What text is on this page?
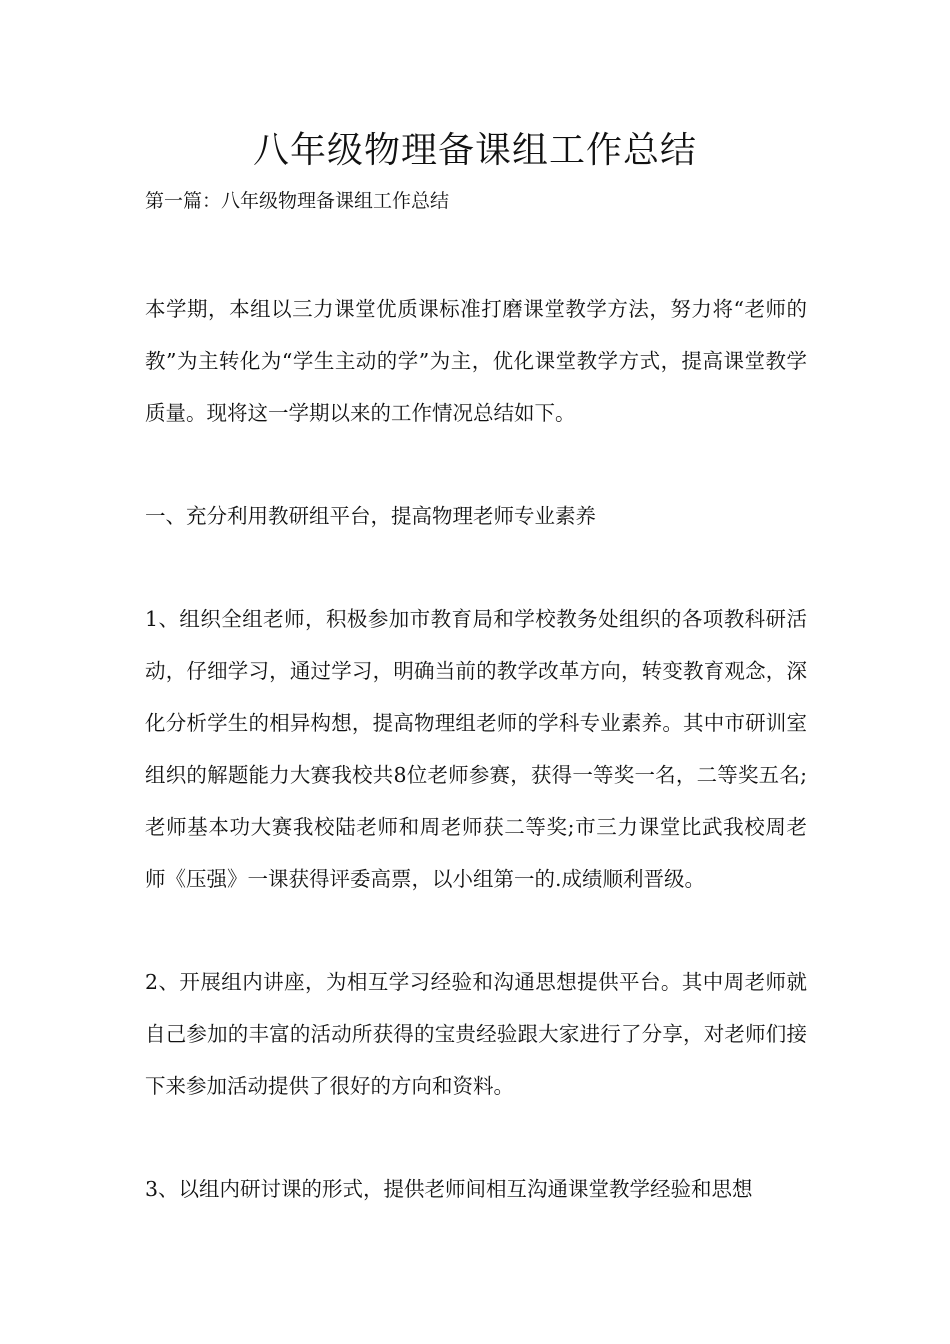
八年级物理备课组工作总结

第一篇：八年级物理备课组工作总结

本学期，本组以三力课堂优质课标准打磨课堂教学方法，努力将“老师的教”为主转化为“学生主动的学”为主，优化课堂教学方式，提高课堂教学质量。现将这一学期以来的工作情况总结如下。

一、充分利用教研组平台，提高物理老师专业素养

1、组织全组老师，积极参加市教育局和学校教务处组织的各项教科研活动，仔细学习，通过学习，明确当前的教学改革方向，转变教育观念，深化分析学生的相异构想，提高物理组老师的学科专业素养。其中市研训室组织的解题能力大赛我校共8位老师参赛，获得一等奖一名，二等奖五名;老师基本功大赛我校陆老师和周老师获二等奖;市三力课堂比武我校周老师《压强》一课获得评委高票，以小组第一的.成绩顺利晋级。

2、开展组内讲座，为相互学习经验和沟通思想提供平台。其中周老师就自己参加的丰富的活动所获得的宝贵经验跟大家进行了分享，对老师们接下来参加活动提供了很好的方向和资料。

3、以组内研讨课的形式，提供老师间相互沟通课堂教学经验和思想
